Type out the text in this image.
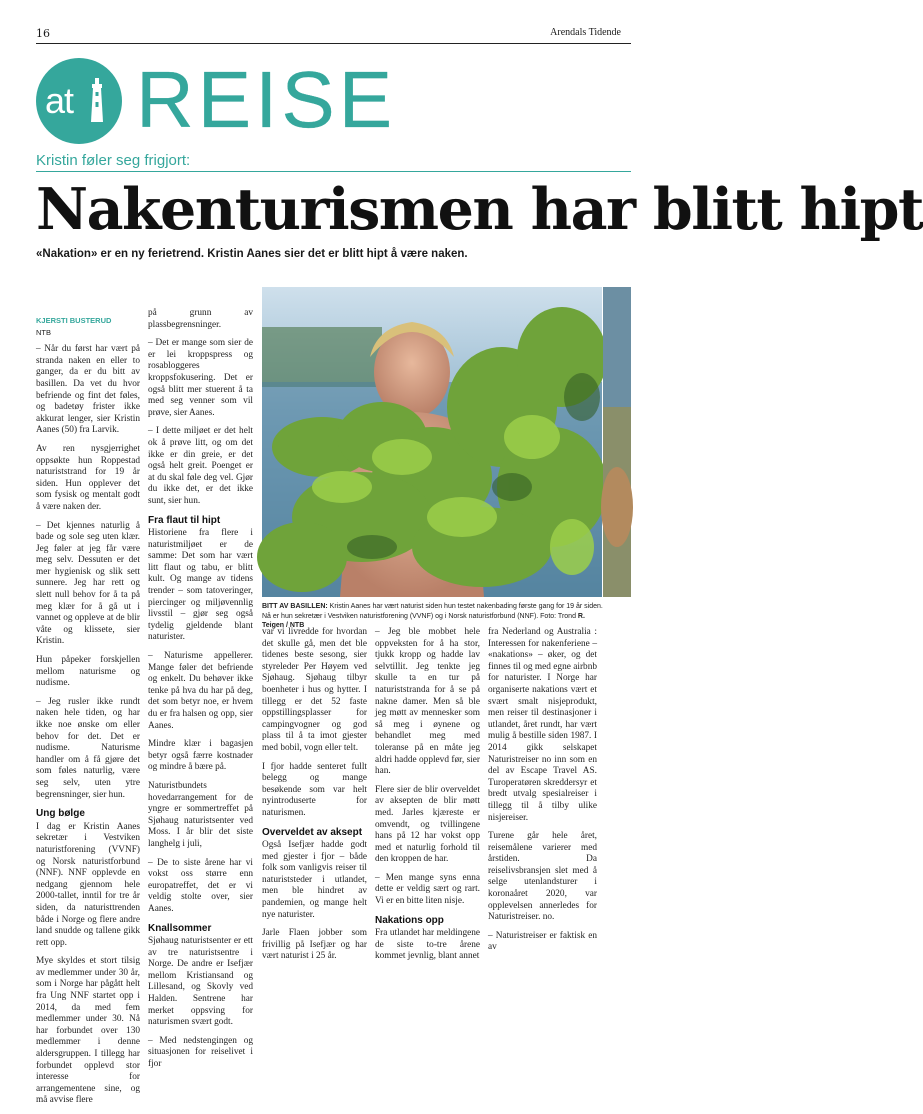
16	Arendals Tidende
at REISE
Kristin føler seg frigjort:
Nakenturismen har blitt hipt
«Nakation» er en ny ferietrend. Kristin Aanes sier det er blitt hipt å være naken.
BITT AV BASILLEN: Kristin Aanes har vært naturist siden hun testet nakenbading første gang for 19 år siden. Nå er hun sekretær i Vestviken naturistforening (VVNF) og i Norsk naturistforbund (NNF). Foto: Trond R. Teigen / NTB
KJERSTI BUSTERUD
NTB

– Når du først har vært på stranda naken en eller to ganger, da er du bitt av basillen. Da vet du hvor befriende og fint det føles, og badetøy frister ikke akkurat lenger, sier Kristin Aanes (50) fra Larvik.

Av ren nysgjerrighet oppsøkte hun Roppestad naturiststrand for 19 år siden. Hun opplever det som fysisk og mentalt godt å være naken der.

– Det kjennes naturlig å bade og sole seg uten klær. Jeg føler at jeg får være meg selv. Dessuten er det mer hygienisk og slik sett sunnere. Jeg har rett og slett null behov for å ta på meg klær for å gå ut i vannet og oppleve at de blir våte og klissete, sier Kristin.

Hun påpeker forskjellen mellom naturisme og nudisme.

– Jeg rusler ikke rundt naken hele tiden, og har ikke noe ønske om eller behov for det. Det er nudisme. Naturisme handler om å få gjøre det som føles naturlig, være seg selv, uten ytre begrensninger, sier hun.

Ung bølge

I dag er Kristin Aanes sekretær i Vestviken naturistforening (VVNF) og Norsk naturistforbund (NNF). NNF opplevde en nedgang gjennom hele 2000-tallet, inntil for tre år siden, da naturisttrenden både i Norge og flere andre land snudde og tallene gikk rett opp.

Mye skyldes et stort tilsig av medlemmer under 30 år, som i Norge har pågått helt fra Ung NNF startet opp i 2014, da med fem medlemmer under 30. Nå har forbundet over 130 medlemmer i denne aldersgruppen. I tillegg har forbundet opplevd stor interesse for arrangementene sine, og må avvise flere

på grunn av plassbegrensninger.

– Det er mange som sier de er lei kroppspress og rosabloggeres kroppsfokusering. Det er også blitt mer stuerent å ta med seg venner som vil prøve, sier Aanes.

– I dette miljøet er det helt ok å prøve litt, og om det ikke er din greie, er det også helt greit. Poenget er at du skal føle deg vel. Gjør du ikke det, er det ikke sunt, sier hun.

Fra flaut til hipt

Historiene fra flere i naturistmiljøet er de samme: Det som har vært litt flaut og tabu, er blitt kult. Og mange av tidens trender – som tatoveringer, piercinger og miljøvennlig livsstil – gjør seg også tydelig gjeldende blant naturister.

– Naturisme appellerer. Mange føler det befriende og enkelt. Du behøver ikke tenke på hva du har på deg, det som betyr noe, er hvem du er fra halsen og opp, sier Aanes.

Mindre klær i bagasjen betyr også færre kostnader og mindre å bære på.

Naturistbundets hovedarrangement for de yngre er sommertreffet på Sjøhaug naturistsenter ved Moss. I år blir det siste langhelg i juli,

– De to siste årene har vi vokst oss større enn europatreffet, det er vi veldig stolte over, sier Aanes.

Knallsommer

Sjøhaug naturistsenter er ett av tre naturistsentre i Norge. De andre er Isefjær mellom Kristiansand og Lillesand, og Skovly ved Halden. Sentrene har merket oppsving for naturismen svært godt.

– Med nedstengingen og situasjonen for reiselivet i fjor

var vi livredde for hvordan det skulle gå, men det ble tidenes beste sesong, sier styreleder Per Høyem ved Sjøhaug. Sjøhaug tilbyr boenheter i hus og hytter. I tillegg er det 52 faste oppstillingsplasser for campingvogner og god plass til å ta imot gjester med bobil, vogn eller telt.

I fjor hadde senteret fullt belegg og mange besøkende som var helt nyintroduserte for naturismen.

Overveldet av aksept

Også Isefjær hadde godt med gjester i fjor – både folk som vanligvis reiser til naturiststeder i utlandet, men ble hindret av pandemien, og mange helt nye naturister.

Jarle Flaen jobber som frivillig på Isefjær og har vært naturist i 25 år.

– Jeg ble mobbet hele oppveksten for å ha stor, tjukk kropp og hadde lav selvtillit. Jeg tenkte jeg skulle ta en tur på naturiststranda for å se på nakne damer. Men så ble jeg møtt av mennesker som så meg i øynene og behandlet meg med toleranse på en måte jeg aldri hadde opplevd før, sier han.

Flere sier de blir overveldet av aksepten de blir møtt med. Jarles kjæreste er omvendt, og tvillingene hans på 12 har vokst opp med et naturlig forhold til den kroppen de har.

– Men mange syns enna dette er veldig sært og rart. Vi er en bitte liten nisje.

Nakations opp

Fra utlandet har meldingene de siste to-tre årene kommet jevnlig, blant annet

fra Nederland og Australia : Interessen for nakenferiene – «nakations» – øker, og det finnes til og med egne airbnb for naturister. I Norge har organiserte nakations vært et svært smalt nisjeprodukt, men reiser til destinasjoner i utlandet, året rundt, har vært mulig å bestille siden 1987. I 2014 gikk selskapet Naturistreiser no inn som en del av Escape Travel AS. Turoperatøren skreddersyr et bredt utvalg spesialreiser i tillegg til å tilby ulike nisjereiser.

Turene går hele året, reisemålene varierer med årstiden. Da reiselivsbransjen slet med å selge utenlandsturer i koronaåret 2020, var opplevelsen annerledes for Naturistreiser. no.

– Naturistreiser er faktisk en av
